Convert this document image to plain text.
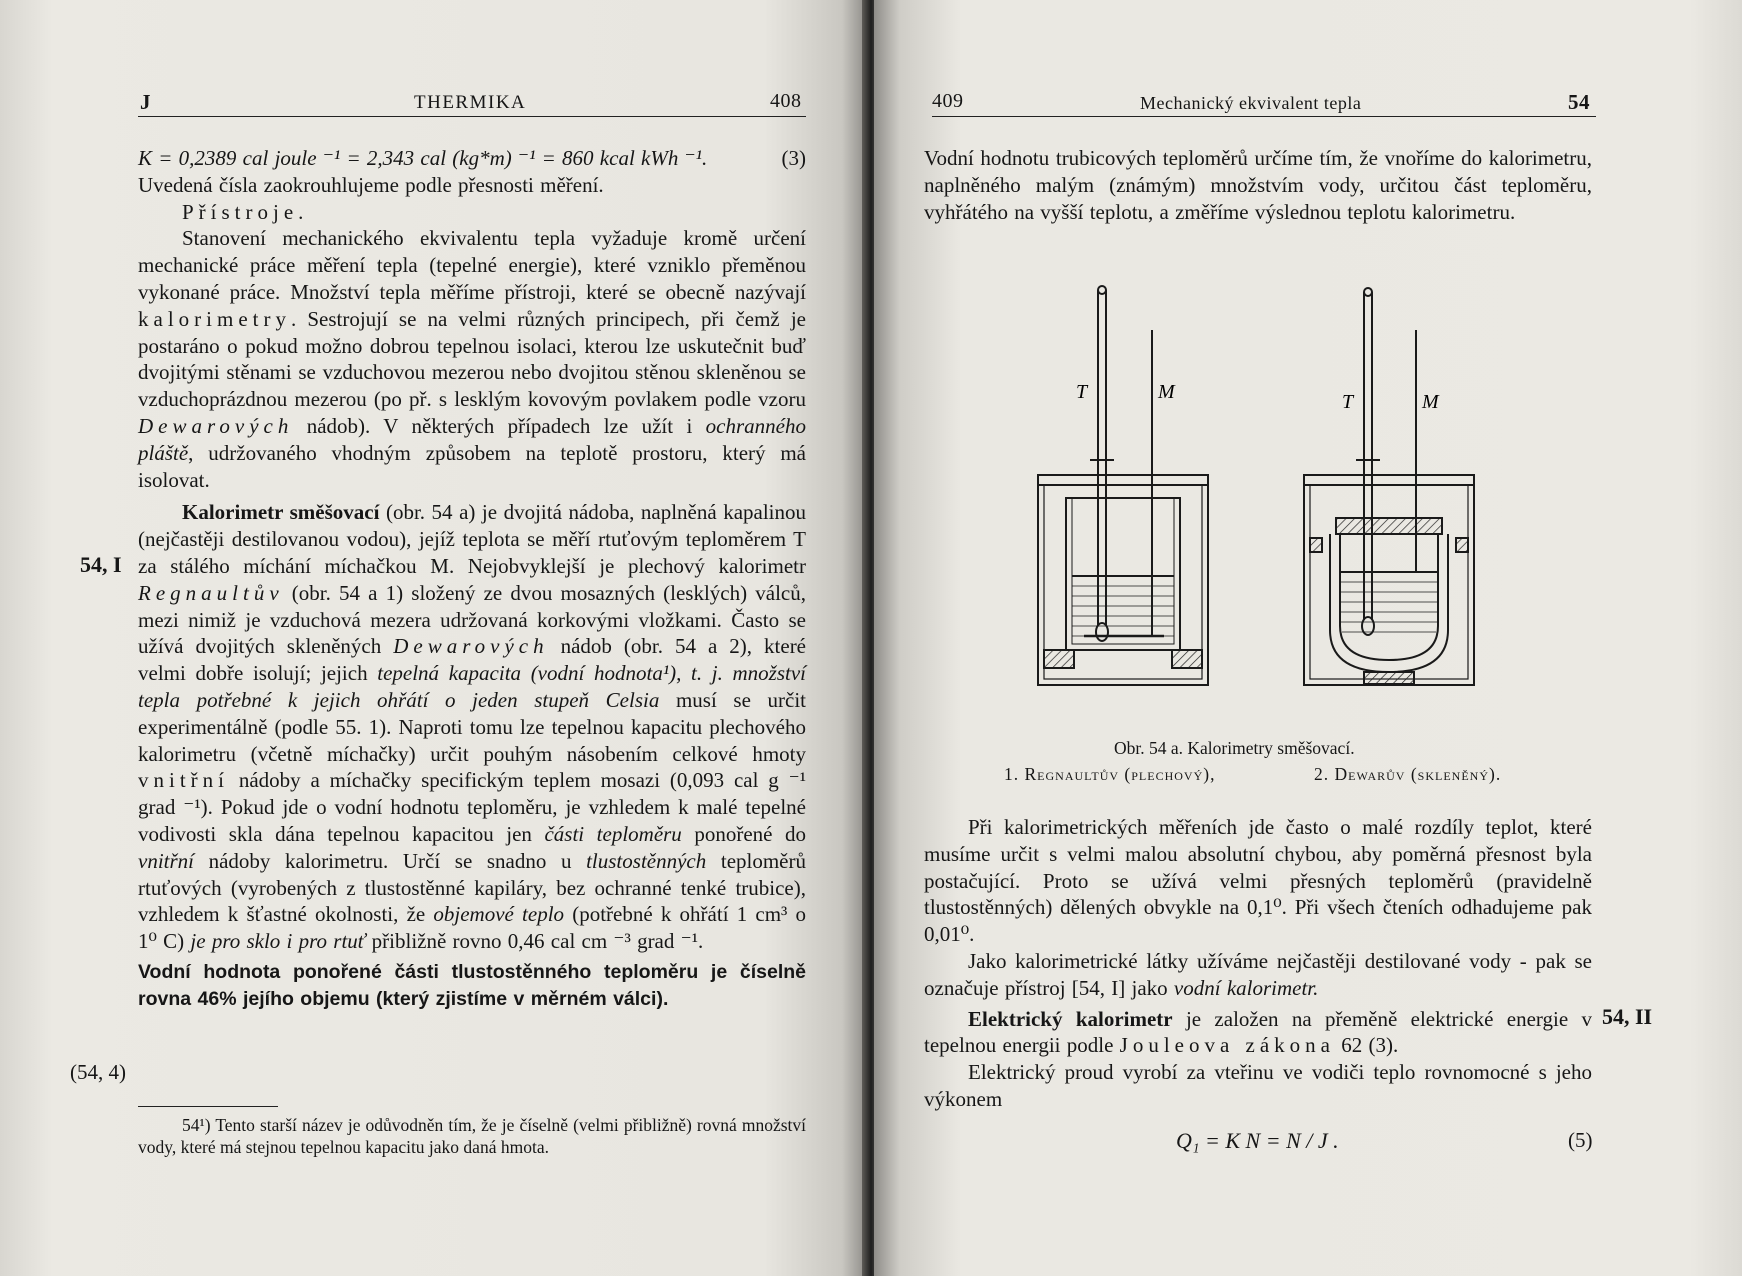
J	THERMIKA	408

K = 0,2389 cal joule ⁻¹ = 2,343 cal (kg*m) ⁻¹ = 860 kcal kWh ⁻¹.	(3)

Uvedená čísla zaokrouhlujeme podle přesnosti měření.

Přístroje.

Stanovení mechanického ekvivalentu tepla vyžaduje kromě určení mechanické práce měření tepla (tepelné energie), které vzniklo přeměnou vykonané práce. Množství tepla měříme přístroji, které se obecně nazývají kalorimetry. Sestrojují se na velmi různých principech, při čemž je postaráno o pokud možno dobrou tepelnou isolaci, kterou lze uskutečnit buď dvojitými stěnami se vzduchovou mezerou nebo dvojitou stěnou skleněnou se vzduchoprázdnou mezerou (po př. s lesklým kovovým povlakem podle vzoru Dewarových nádob). V některých případech lze užít i ochranného pláště, udržovaného vhodným způsobem na teplotě prostoru, který má isolovat.

Kalorimetr směšovací (obr. 54 a) je dvojitá nádoba, naplněná kapalinou (nejčastěji destilovanou vodou), jejíž teplota se měří rtuťovým teploměrem T za stálého míchání míchačkou M. Nejobvyklejší je plechový kalorimetr Regnaultův (obr. 54 a 1) složený ze dvou mosazných (lesklých) válců, mezi nimiž je vzduchová mezera udržovaná korkovými vložkami. Často se užívá dvojitých skleněných Dewarových nádob (obr. 54 a 2), které velmi dobře isolují; jejich tepelná kapacita (vodní hodnota¹), t. j. množství tepla potřebné k jejich ohřátí o jeden stupeň Celsia musí se určit experimentálně (podle 55. 1). Naproti tomu lze tepelnou kapacitu plechového kalorimetru (včetně míchačky) určit pouhým násobením celkové hmoty vnitřní nádoby a míchačky specifickým teplem mosazi (0,093 cal g ⁻¹ grad ⁻¹). Pokud jde o vodní hodnotu teploměru, je vzhledem k malé tepelné vodivosti skla dána tepelnou kapacitou jen části teploměru ponořené do vnitřní nádoby kalorimetru. Určí se snadno u tlustostěnných teploměrů rtuťových (vyrobených z tlustostěnné kapiláry, bez ochranné tenké trubice), vzhledem k šťastné okolnosti, že objemové teplo (potřebné k ohřátí 1 cm³ o 1⁰ C) je pro sklo i pro rtuť přibližně rovno 0,46 cal cm ⁻³ grad ⁻¹.

Vodní hodnota ponořené části tlustostěnného teploměru je číselně rovna 46% jejího objemu (který zjistíme v měrném válci).

54, I
(54, 4)
54¹) Tento starší název je odůvodněn tím, že je číselně (velmi přibližně) rovná množství vody, které má stejnou tepelnou kapacitu jako daná hmota.
409	Mechanický ekvivalent tepla	54
Vodní hodnotu trubicových teploměrů určíme tím, že vnoříme do kalorimetru, naplněného malým (známým) množstvím vody, určitou část teploměru, vyhřátého na vyšší teplotu, a změříme výslednou teplotu kalorimetru.
T	M	T	M
Obr. 54 a. Kalorimetry směšovací.
1. Regnaultův (plechový),	2. Dewarův (skleněný).

Při kalorimetrických měřeních jde často o malé rozdíly teplot, které musíme určit s velmi malou absolutní chybou, aby poměrná přesnost byla postačující. Proto se užívá velmi přesných teploměrů (pravidelně tlustostěnných) dělených obvykle na 0,1⁰. Při všech čteních odhadujeme pak 0,01⁰.

Jako kalorimetrické látky užíváme nejčastěji destilované vody - pak se označuje přístroj [54, I] jako vodní kalorimetr.

Elektrický kalorimetr je založen na přeměně elektrické energie v tepelnou energii podle Jouleova zákona 62 (3).

Elektrický proud vyrobí za vteřinu ve vodiči teplo rovnomocné s jeho výkonem

54, II
Q₁ = K N = N / J .	(5)
